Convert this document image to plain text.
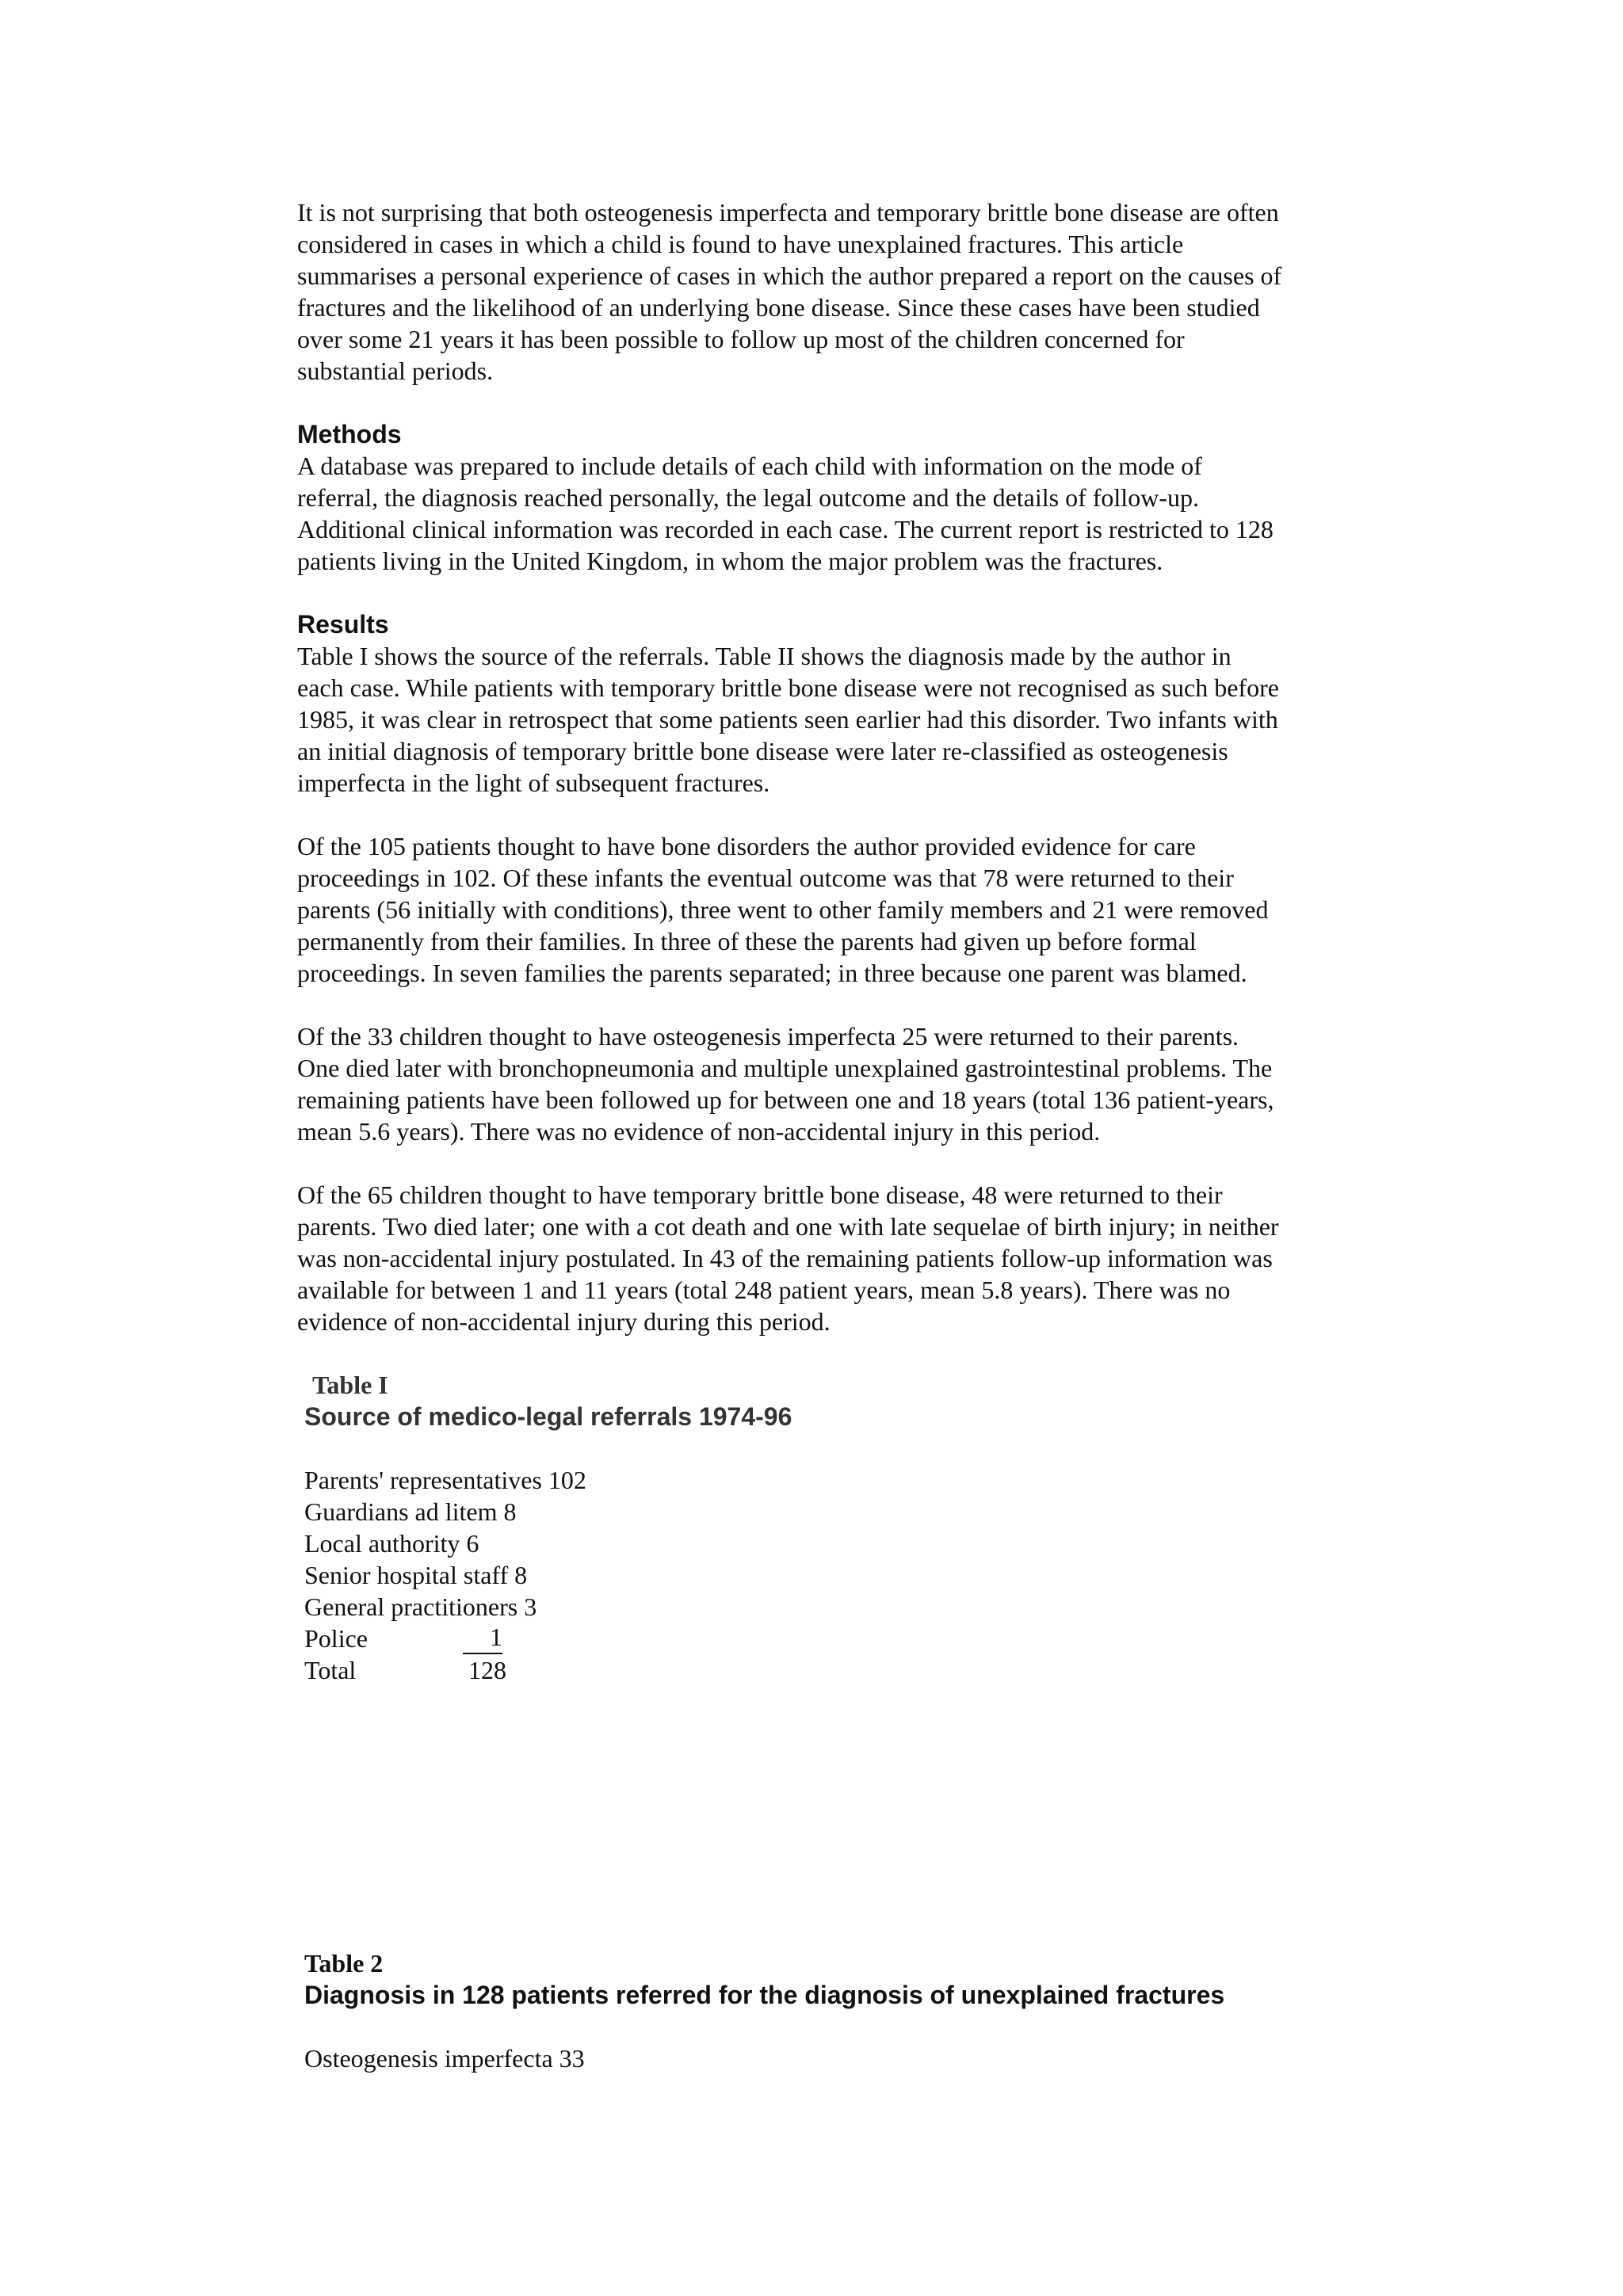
It is not surprising that both osteogenesis imperfecta and temporary brittle bone disease are often
considered in cases in which a child is found to have unexplained fractures. This article
summarises a personal experience of cases in which the author prepared a report on the causes of
fractures and the likelihood of an underlying bone disease. Since these cases have been studied
over some 21 years it has been possible to follow up most of the children concerned for
substantial periods.

Methods

A database was prepared to include details of each child with information on the mode of
referral, the diagnosis reached personally, the legal outcome and the details of follow-up.
Additional clinical information was recorded in each case. The current report is restricted to 128
patients living in the United Kingdom, in whom the major problem was the fractures.

Results

Table I shows the source of the referrals. Table II shows the diagnosis made by the author in
each case. While patients with temporary brittle bone disease were not recognised as such before
1985, it was clear in retrospect that some patients seen earlier had this disorder. Two infants with
an initial diagnosis of temporary brittle bone disease were later re-classified as osteogenesis
imperfecta in the light of subsequent fractures.

Of the 105 patients thought to have bone disorders the author provided evidence for care
proceedings in 102. Of these infants the eventual outcome was that 78 were returned to their
parents (56 initially with conditions), three went to other family members and 21 were removed
permanently from their families. In three of these the parents had given up before formal
proceedings. In seven families the parents separated; in three because one parent was blamed.

Of the 33 children thought to have osteogenesis imperfecta 25 were returned to their parents.
One died later with bronchopneumonia and multiple unexplained gastrointestinal problems. The
remaining patients have been followed up for between one and 18 years (total 136 patient-years,
mean 5.6 years). There was no evidence of non-accidental injury in this period.

Of the 65 children thought to have temporary brittle bone disease, 48 were returned to their
parents. Two died later; one with a cot death and one with late sequelae of birth injury; in neither
was non-accidental injury postulated. In 43 of the remaining patients follow-up information was
available for between 1 and 11 years (total 248 patient years, mean 5.8 years). There was no
evidence of non-accidental injury during this period.

Table I

Source of medico-legal referrals 1974-96

Parents' representatives
102
Guardians ad litem
8
Local authority
6
Senior hospital staff
8
General practitioners
3
Police	1
Total	128

Table 2

Diagnosis in 128 patients referred for the diagnosis of unexplained fractures

Osteogenesis imperfecta
33
